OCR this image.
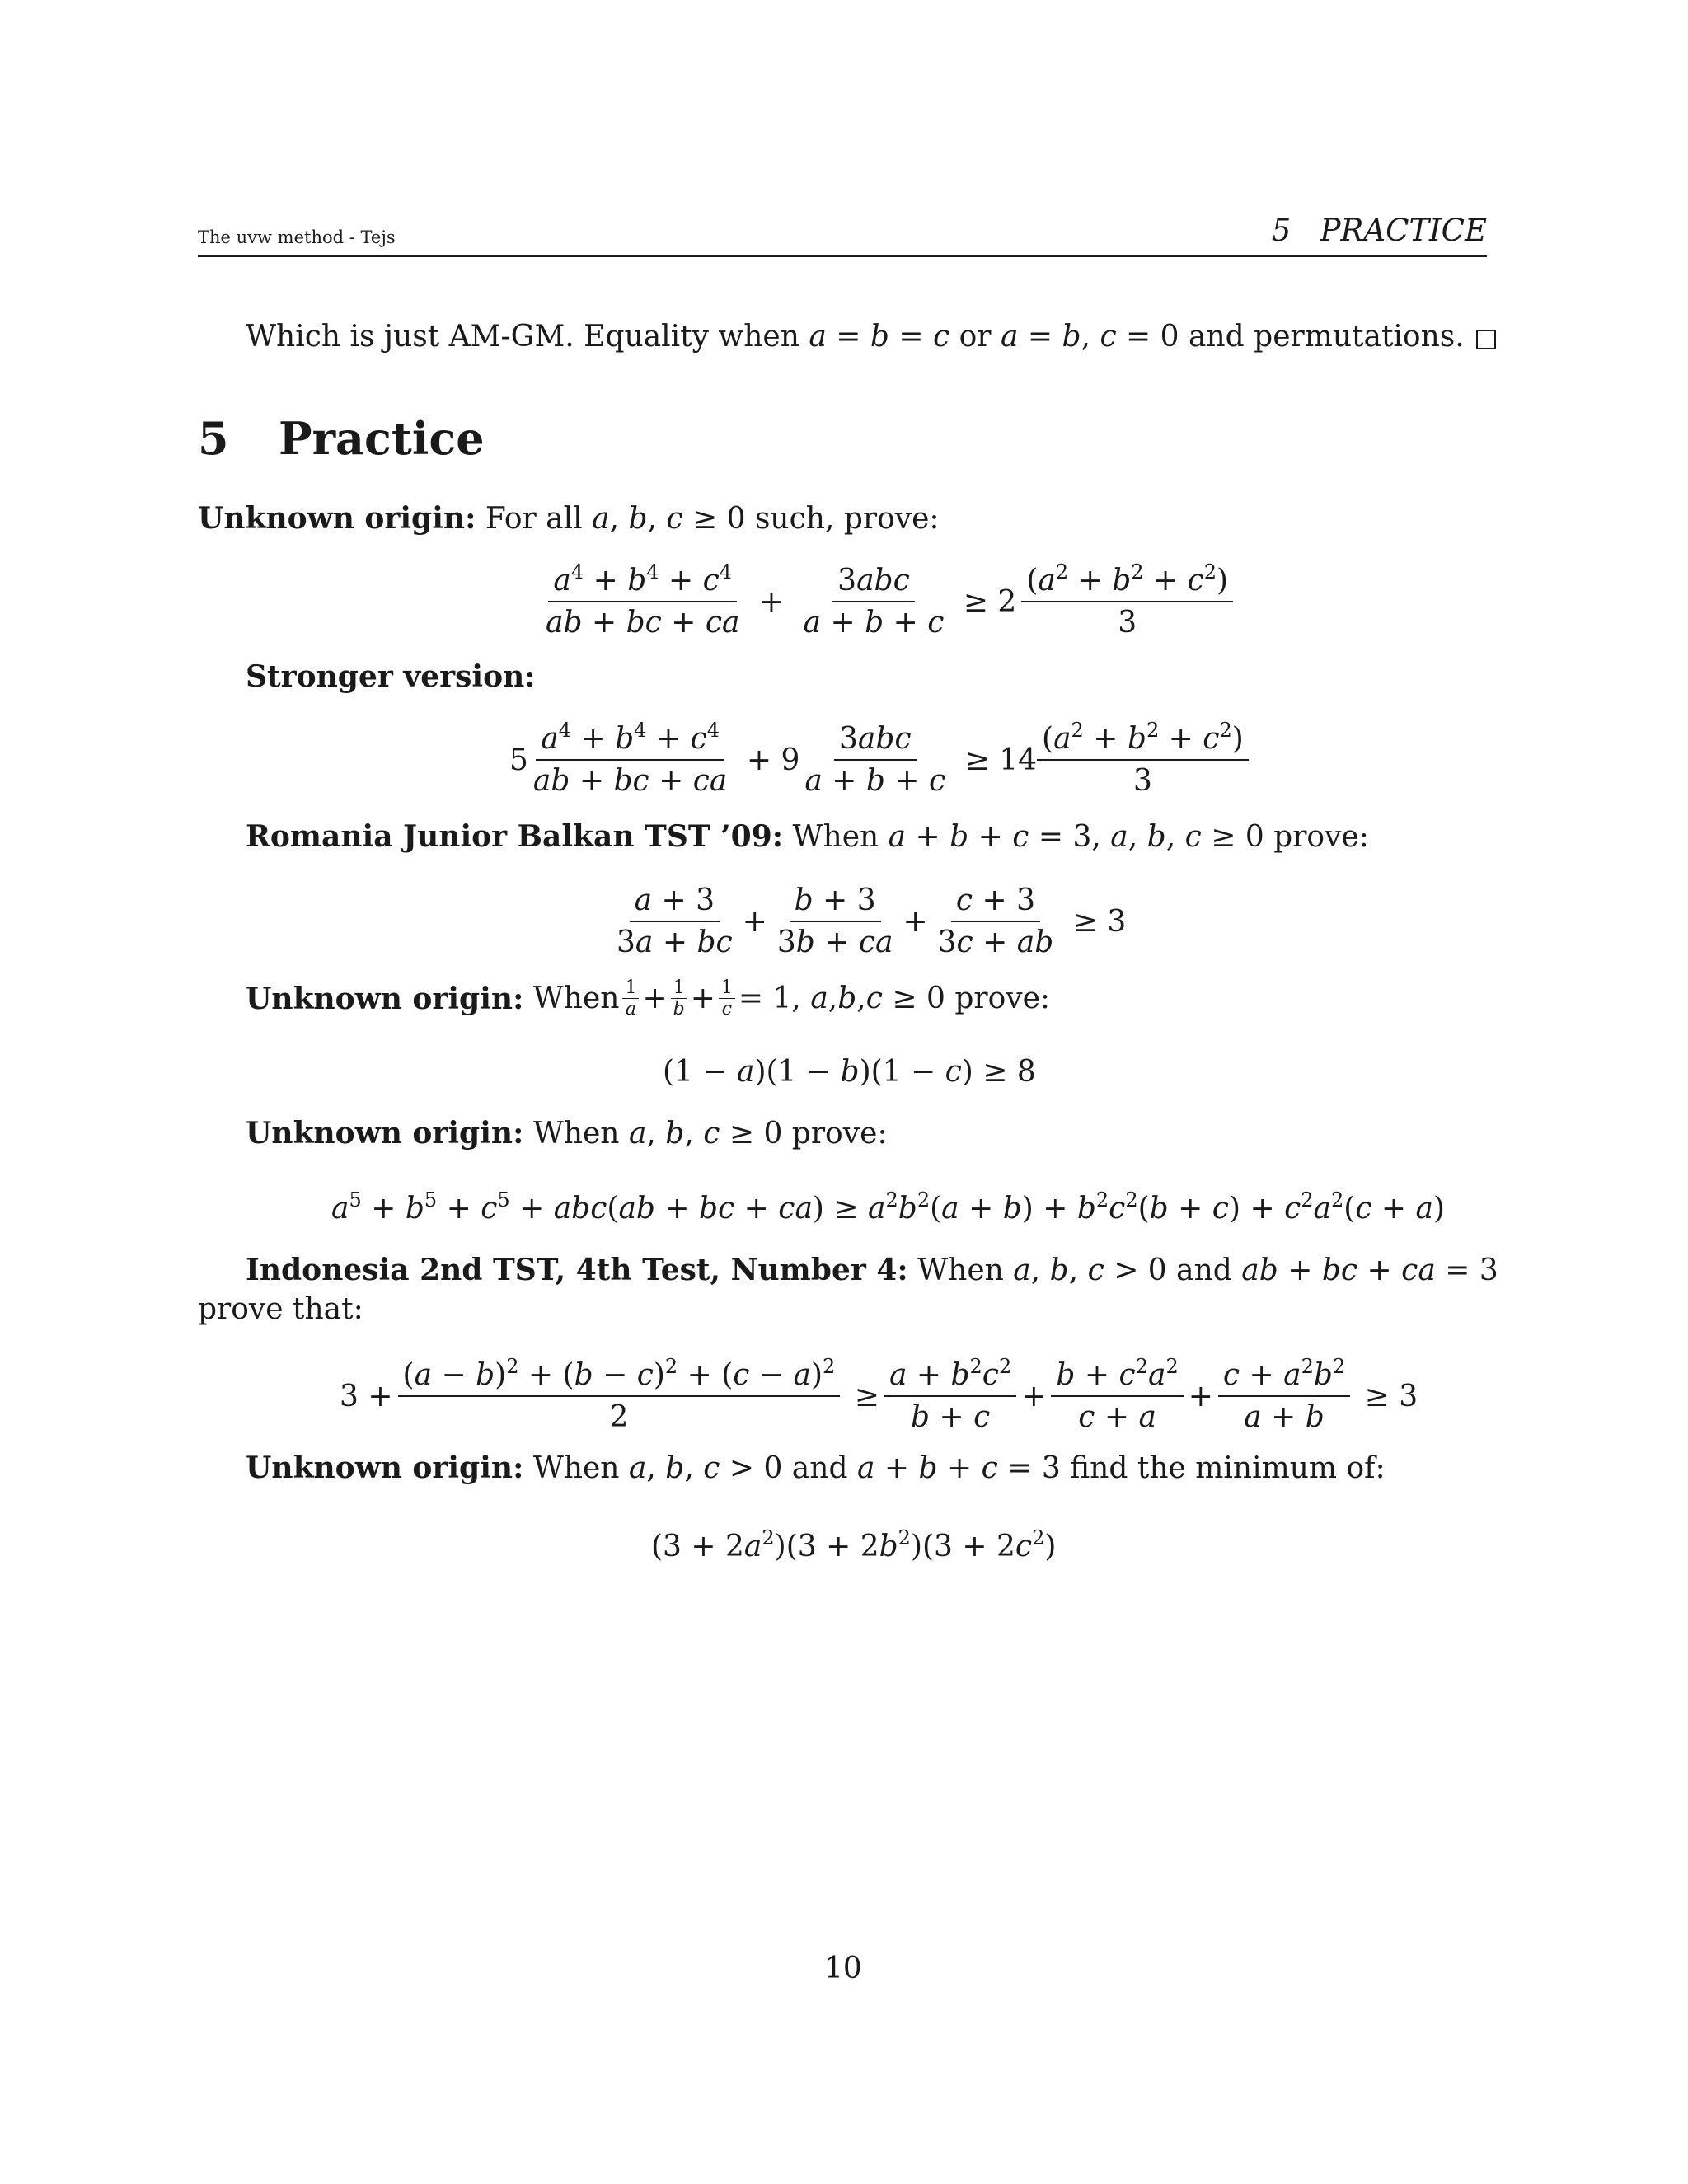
The uvw method - Tejs	5   PRACTICE
Which is just AM-GM. Equality when a = b = c or a = b, c = 0 and permutations.
5 Practice
Unknown origin: For all a, b, c ≥ 0 such, prove:
$\frac{a^4 + b^4 + c^4}{ab + bc + ca} + \frac{\text{3abc}}{a + b + c} \ge 2 \frac{(a^2 + b^2 + c^2)}{3}$
Stronger version:
$5 \frac{a^4 + b^4 + c^4}{ab + bc + ca} + 9 \frac{\text{3abc}}{a + b + c} \ge 14 \frac{(a^2 + b^2 + c^2)}{3}$
Romania Junior Balkan TST ’09: When a + b + c = 3, a, b, c ≥ 0 prove:
$\frac{a + 3}{3a + bc} + \frac{b + 3}{3b + ca} + \frac{c + 3}{3c + ab} \ge 3$
Unknown origin: When $\frac{1}{a} + \frac{1}{b} + \frac{1}{c} = 1$, a , b , c ≥ 0 prove:
(1 − a)(1 − b)(1 − c) ≥ 8
Unknown origin: When a, b, c ≥ 0 prove:
$a^5 + b^5 + c^5 + abc(ab$ + bc + $ca) \ge a^2b^2(a + b) + b^2c^2(b + c) + c^2a^2(c + a)$
Indonesia 2nd TST, 4th Test, Number 4: When a, b, c > 0 and ab + bc + ca = 3
prove that:
$3 + \frac{(a - b)^2 + (b - c)^2 + (c - a)^2}{2} \ge \frac{a + b^2c^2}{b + c} + \frac{b + c^2a^2}{c + a} + \frac{c + a^2b^2}{a + b} \ge 3$
Unknown origin: When a, b, c > 0 and a + b + c = 3 find the minimum of:
$(3 + 2a^2)(3 + 2b^2)(3 + 2c^2)$
10
